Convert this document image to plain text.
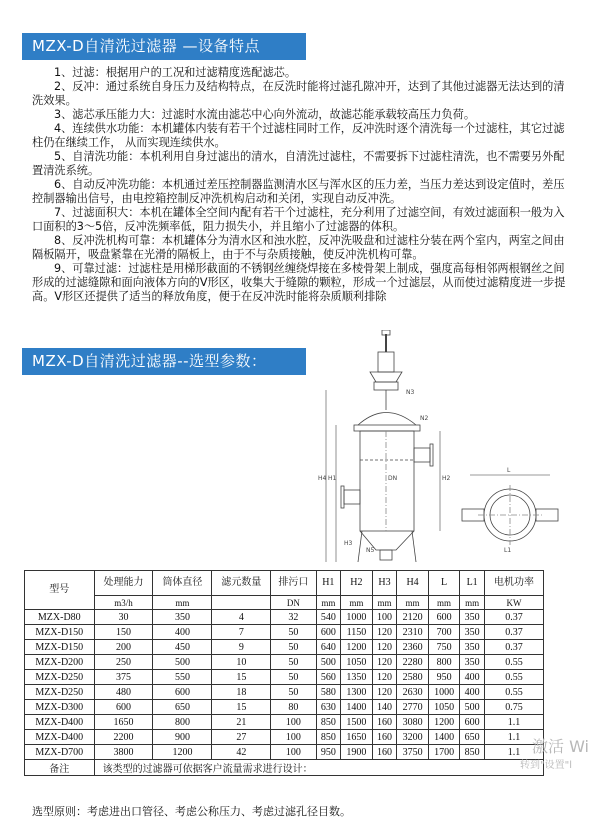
MZX-D自清洗过滤器 —设备特点

1、过滤：根据用户的工况和过滤精度选配滤芯。

2、反冲：通过系统自身压力及结构特点，在反洗时能将过滤孔隙冲开，达到了其他过滤器无法达到的清洗效果。

3、滤芯承压能力大：过滤时水流由滤芯中心向外流动，故滤芯能承载较高压力负荷。

4、连续供水功能：本机罐体内装有若干个过滤柱同时工作，反冲洗时逐个清洗每一个过滤柱，其它过滤柱仍在继续工作， 从而实现连续供水。

5、自清洗功能：本机利用自身过滤出的清水，自清洗过滤柱，不需要拆下过滤柱清洗，也不需要另外配置清洗系统。

6、自动反冲洗功能：本机通过差压控制器监测清水区与浑水区的压力差，当压力差达到设定值时，差压控制器输出信号，由电控箱控制反冲洗机构启动和关闭，实现自动反冲洗。

7、过滤面积大：本机在罐体全空间内配有若干个过滤柱，充分利用了过滤空间，有效过滤面积一般为入口面积的3～5倍，反冲洗频率低，阻力损失小，并且缩小了过滤器的体积。

8、反冲洗机构可靠：本机罐体分为清水区和浊水腔，反冲洗吸盘和过滤柱分装在两个室内，两室之间由隔板隔开，吸盘紧靠在光滑的隔板上，由于不与杂质接触，使反冲洗机构可靠。

9、可靠过滤：过滤柱是用梯形截面的不锈钢丝缠绕焊接在多棱骨架上制成，强度高每相邻两根钢丝之间形成的过滤缝隙和面向液体方向的V形区，收集大于缝隙的颗粒，形成一个过滤层，从而使过滤精度进一步提高。V形区还提供了适当的释放角度，便于在反冲洗时能将杂质顺利排除

MZX-D自清洗过滤器--选型参数：
N3
N2
DN
N5
H1	H2
H3
H4
L
L1
型号	处理能力	筒体直径	滤元数量	排污口	H1	H2	H3	H4	L	L1	电机功率
	m3/h	mm		DN	mm	mm	mm	mm	mm	mm	KW
MZX-D80	30	350	4	32	540	1000	100	2120	600	350	0.37
MZX-D150	150	400	7	50	600	1150	120	2310	700	350	0.37
MZX-D150	200	450	9	50	640	1200	120	2360	750	350	0.37
MZX-D200	250	500	10	50	500	1050	120	2280	800	350	0.55
MZX-D250	375	550	15	50	560	1350	120	2580	950	400	0.55
MZX-D250	480	600	18	50	580	1300	120	2630	1000	400	0.55
MZX-D300	600	650	15	80	630	1400	140	2770	1050	500	0.75
MZX-D400	1650	800	21	100	850	1500	160	3080	1200	600	1.1
MZX-D400	2200	900	27	100	850	1650	160	3200	1400	650	1.1
MZX-D700	3800	1200	42	100	950	1900	160	3750	1700	850	1.1
备注	该类型的过滤器可依据客户流量需求进行设计：										
选型原则：考虑进出口管径、考虑公称压力、考虑过滤孔径目数。
激活 Wi
转到"设置"l
